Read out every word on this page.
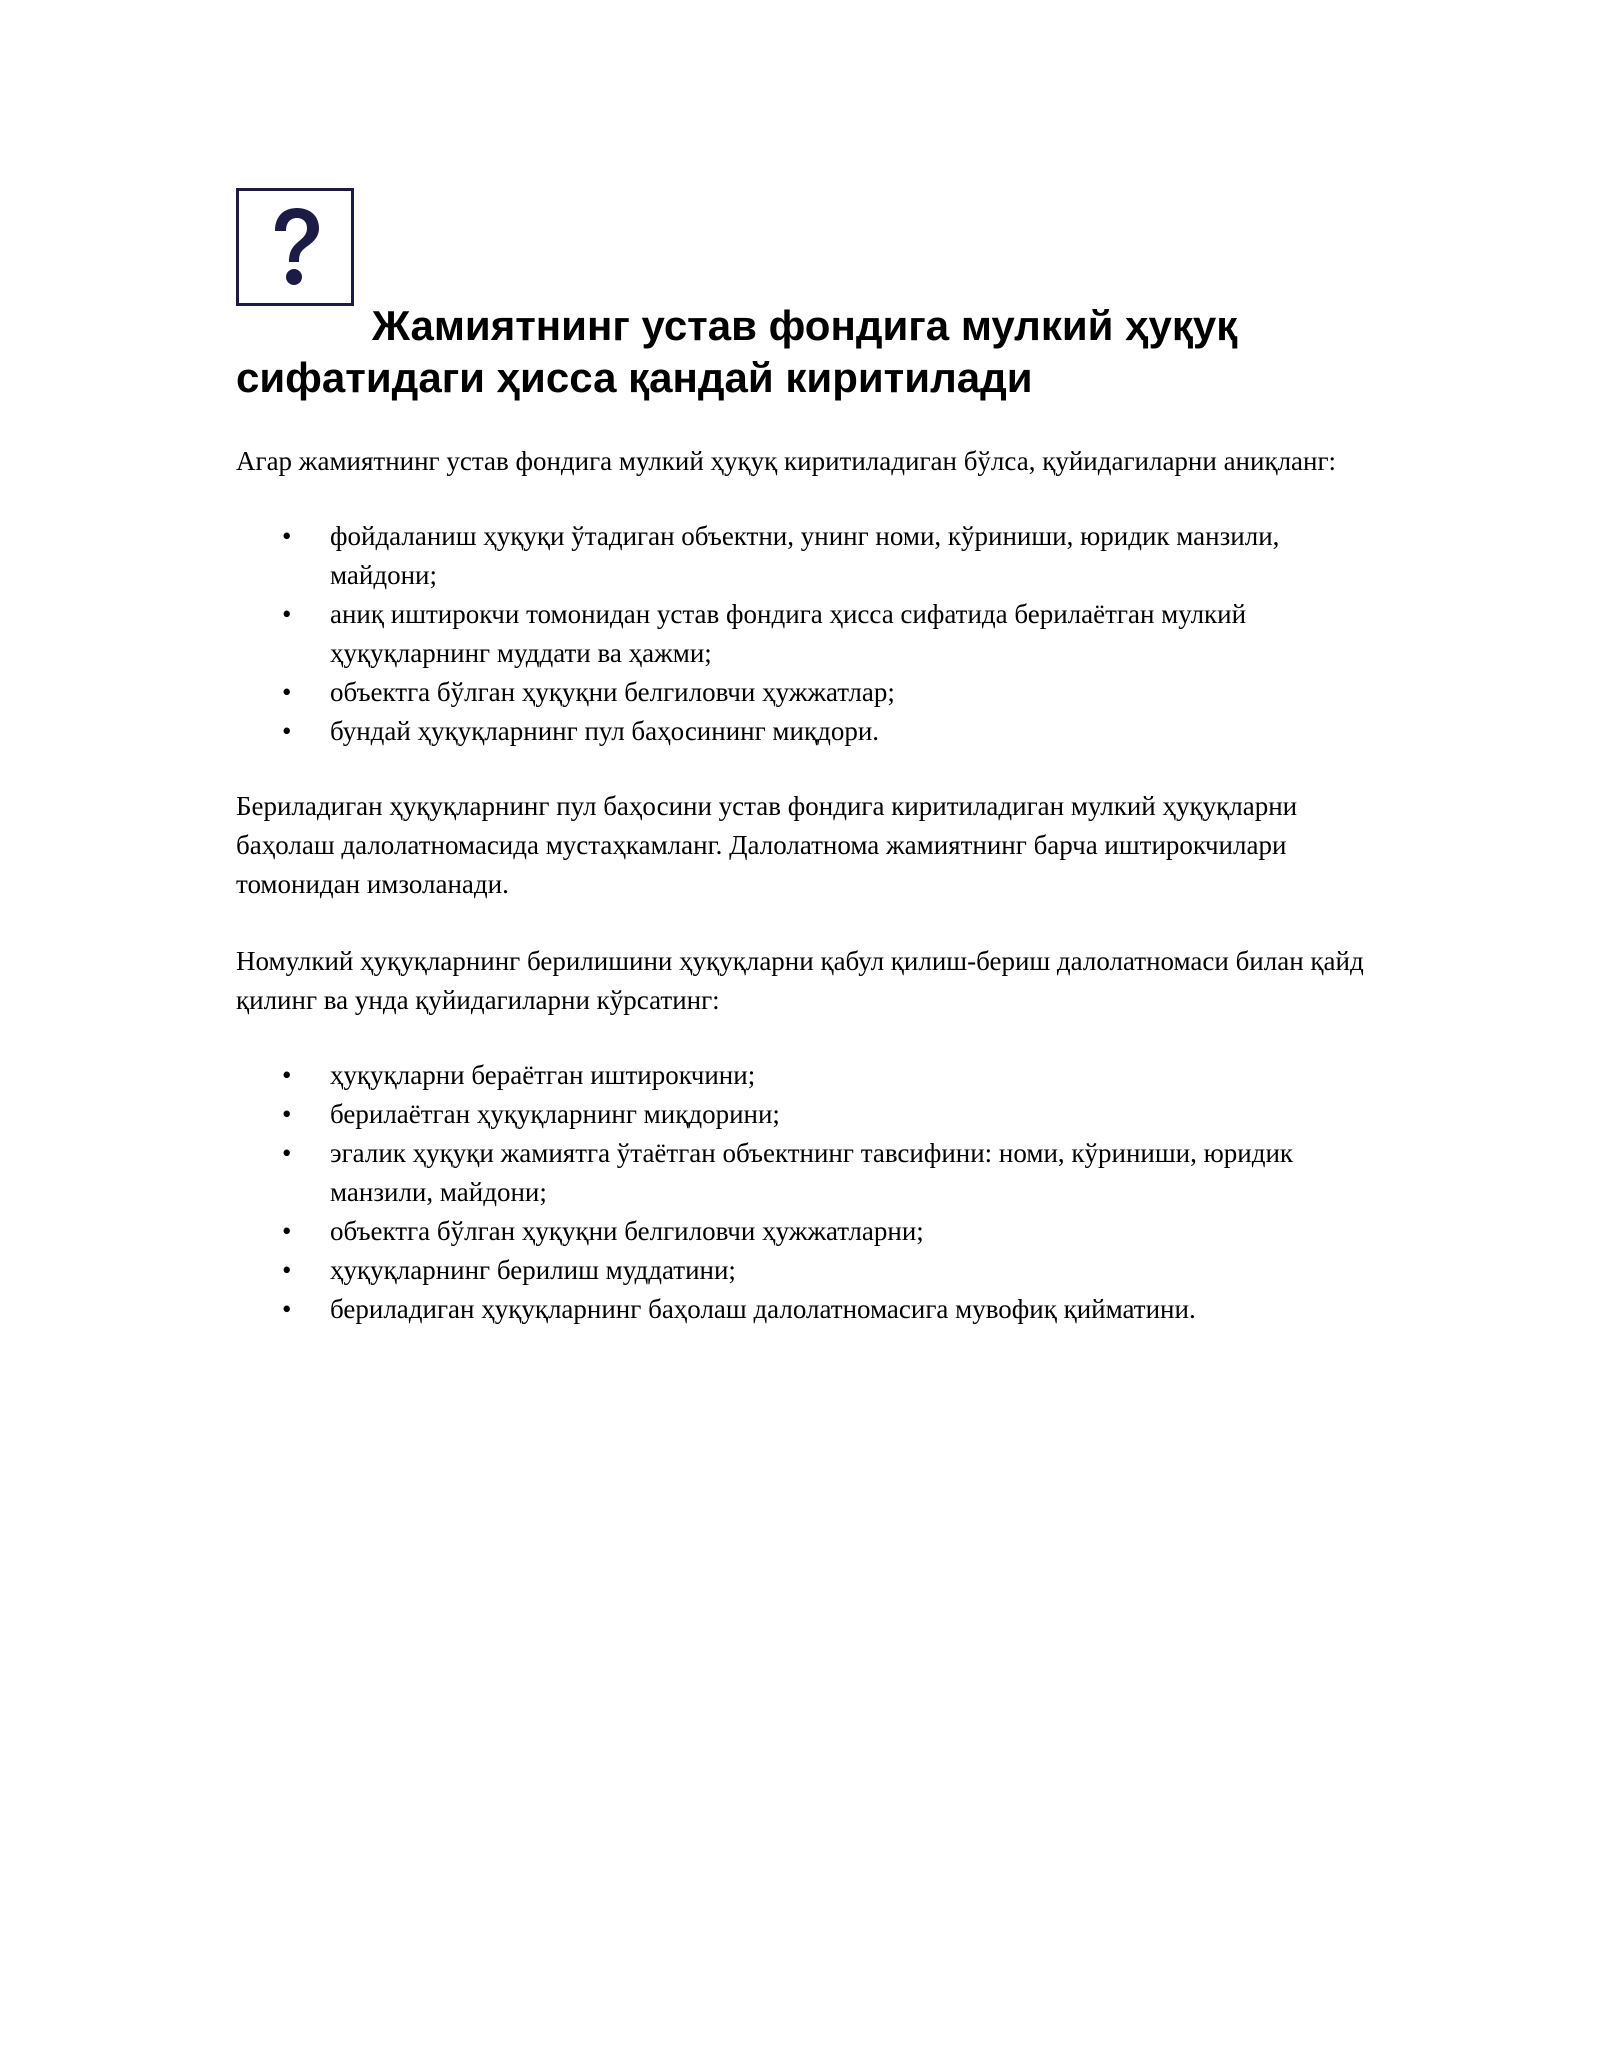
Жамиятнинг устав фондига мулкий ҳуқуқ сифатидаги ҳисса қандай киритилади

Агар жамиятнинг устав фондига мулкий ҳуқуқ киритиладиган бўлса, қуйидагиларни аниқланг:

• фойдаланиш ҳуқуқи ўтадиган объектни, унинг номи, кўриниши, юридик манзили, майдони;
• аниқ иштирокчи томонидан устав фондига ҳисса сифатида берилаётган мулкий ҳуқуқларнинг муддати ва ҳажми;
• объектга бўлган ҳуқуқни белгиловчи ҳужжатлар;
• бундай ҳуқуқларнинг пул баҳосининг миқдори.

Бериладиган ҳуқуқларнинг пул баҳосини устав фондига киритиладиган мулкий ҳуқуқларни баҳолаш далолатномасида мустаҳкамланг. Далолатнома жамиятнинг барча иштирокчилари томонидан имзоланади.

Номулкий ҳуқуқларнинг берилишини ҳуқуқларни қабул қилиш-бериш далолатномаси билан қайд қилинг ва унда қуйидагиларни кўрсатинг:

• ҳуқуқларни бераётган иштирокчини;
• берилаётган ҳуқуқларнинг миқдорини;
• эгалик ҳуқуқи жамиятга ўтаётган объектнинг тавсифини: номи, кўриниши, юридик манзили, майдони;
• объектга бўлган ҳуқуқни белгиловчи ҳужжатларни;
• ҳуқуқларнинг берилиш муддатини;
• бериладиган ҳуқуқларнинг баҳолаш далолатномасига мувофиқ қийматини.
